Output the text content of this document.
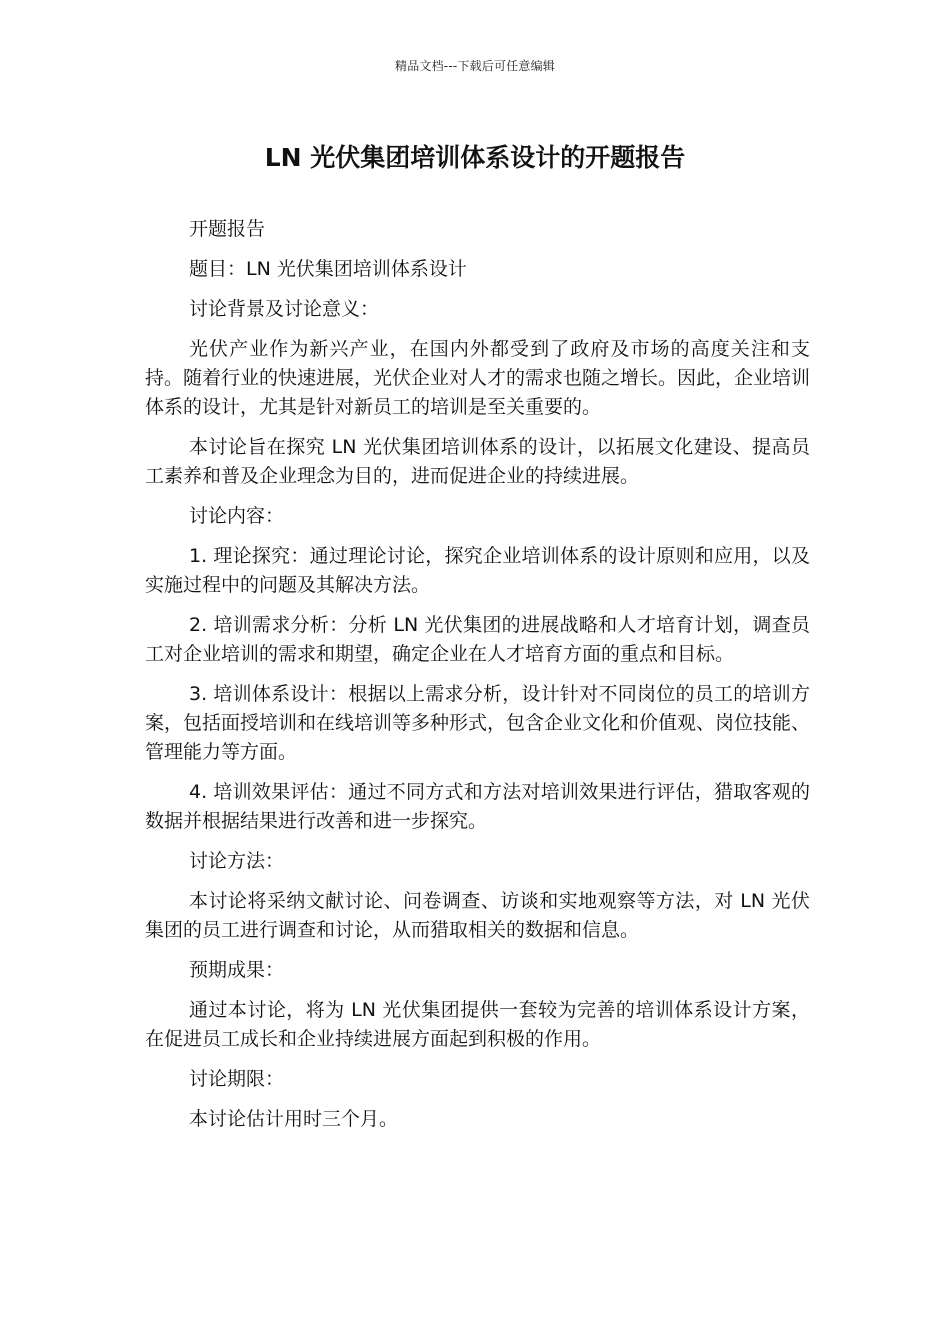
精品文档---下载后可任意编辑
LN 光伏集团培训体系设计的开题报告

开题报告

题目：LN 光伏集团培训体系设计

讨论背景及讨论意义：

光伏产业作为新兴产业，在国内外都受到了政府及市场的高度关注和支持。随着行业的快速进展，光伏企业对人才的需求也随之增长。因此，企业培训体系的设计，尤其是针对新员工的培训是至关重要的。

本讨论旨在探究 LN 光伏集团培训体系的设计，以拓展文化建设、提高员工素养和普及企业理念为目的，进而促进企业的持续进展。

讨论内容：

1. 理论探究：通过理论讨论，探究企业培训体系的设计原则和应用，以及实施过程中的问题及其解决方法。

2. 培训需求分析：分析 LN 光伏集团的进展战略和人才培育计划，调查员工对企业培训的需求和期望，确定企业在人才培育方面的重点和目标。

3. 培训体系设计：根据以上需求分析，设计针对不同岗位的员工的培训方案，包括面授培训和在线培训等多种形式，包含企业文化和价值观、岗位技能、管理能力等方面。

4. 培训效果评估：通过不同方式和方法对培训效果进行评估，猎取客观的数据并根据结果进行改善和进一步探究。

讨论方法：

本讨论将采纳文献讨论、问卷调查、访谈和实地观察等方法，对 LN 光伏集团的员工进行调查和讨论，从而猎取相关的数据和信息。

预期成果：

通过本讨论，将为 LN 光伏集团提供一套较为完善的培训体系设计方案，在促进员工成长和企业持续进展方面起到积极的作用。

讨论期限：

本讨论估计用时三个月。
